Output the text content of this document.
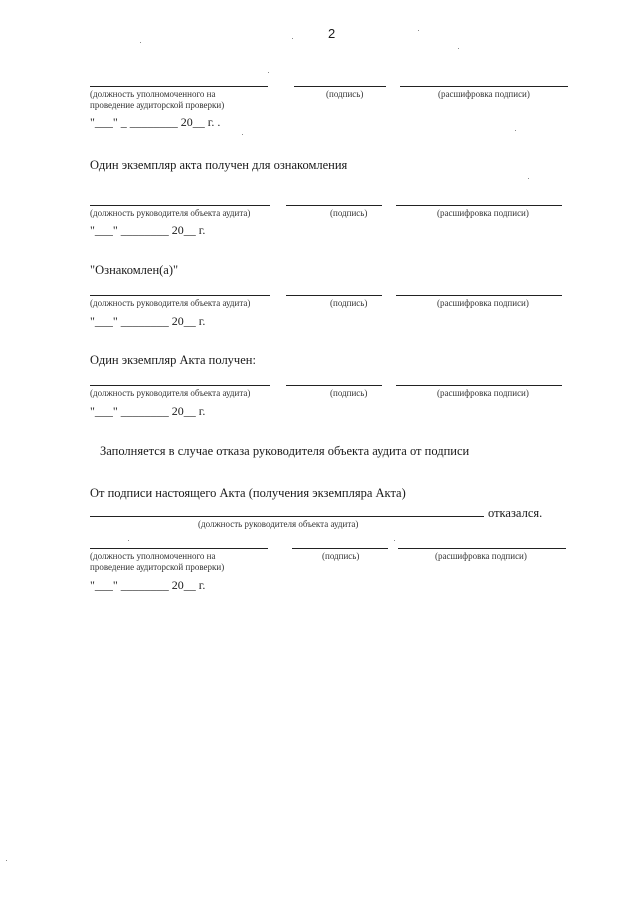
2
(должность уполномоченного на
проведение аудиторской проверки)
(подпись)	(расшифровка подписи)
"___" _ ________ 20__ г. .
Один экземпляр акта получен для ознакомления
(должность руководителя объекта аудита)	(подпись)	(расшифровка подписи)
"___" ________ 20__ г.
"Ознакомлен(а)"
(должность руководителя объекта аудита)	(подпись)	(расшифровка подписи)
"___" ________ 20__ г.
Один экземпляр Акта получен:
(должность руководителя объекта аудита)	(подпись)	(расшифровка подписи)
"___" ________ 20__ г.
Заполняется в случае отказа руководителя объекта аудита от подписи
От подписи настоящего Акта (получения экземпляра Акта)
отказался.
(должность руководителя объекта аудита)
(должность уполномоченного на
проведение аудиторской проверки)
(подпись)	(расшифровка подписи)
"___" ________ 20__ г.
